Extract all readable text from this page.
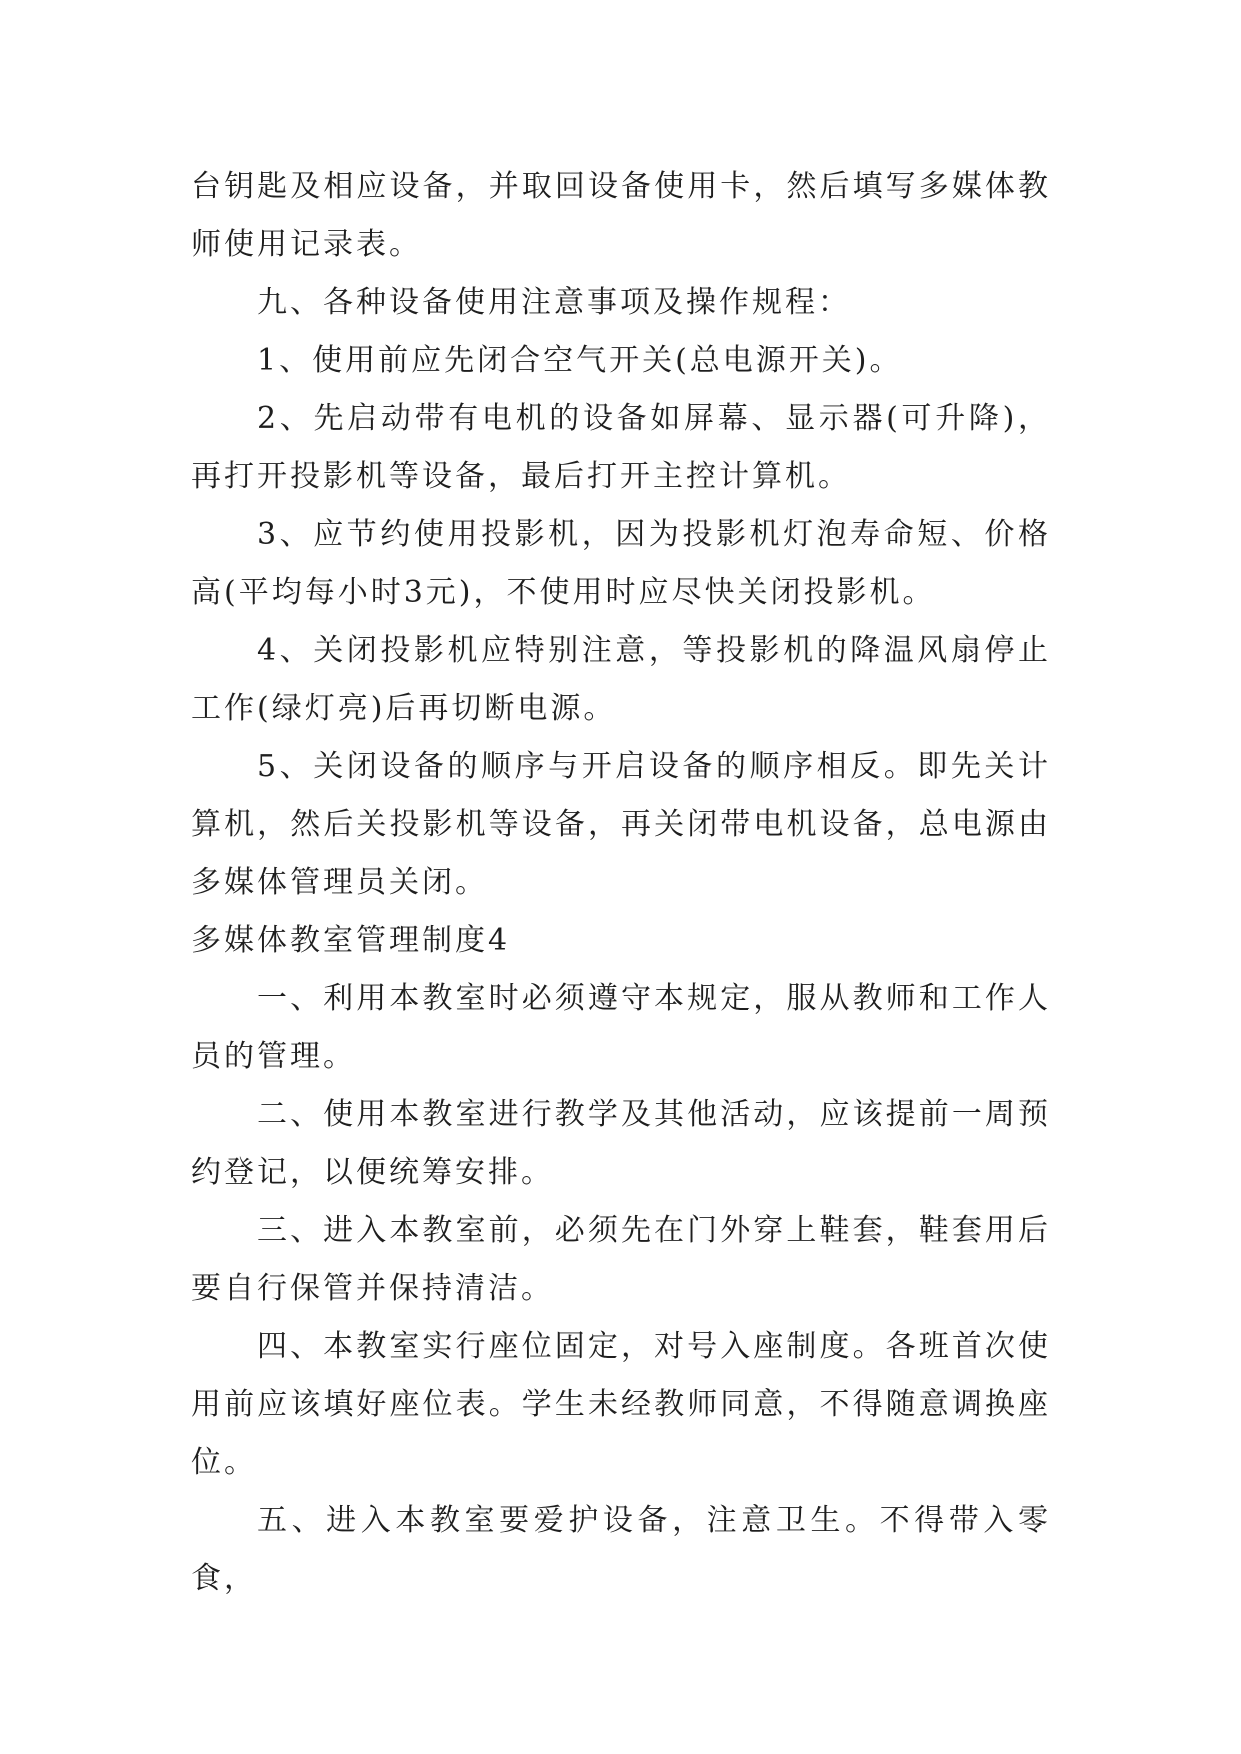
台钥匙及相应设备，并取回设备使用卡，然后填写多媒体教师使用记录表。

九、各种设备使用注意事项及操作规程：

1、使用前应先闭合空气开关(总电源开关)。

2、先启动带有电机的设备如屏幕、显示器(可升降)，再打开投影机等设备，最后打开主控计算机。

3、应节约使用投影机，因为投影机灯泡寿命短、价格高(平均每小时3元)，不使用时应尽快关闭投影机。

4、关闭投影机应特别注意，等投影机的降温风扇停止工作(绿灯亮)后再切断电源。

5、关闭设备的顺序与开启设备的顺序相反。即先关计算机，然后关投影机等设备，再关闭带电机设备，总电源由多媒体管理员关闭。

多媒体教室管理制度4

一、利用本教室时必须遵守本规定，服从教师和工作人员的管理。

二、使用本教室进行教学及其他活动，应该提前一周预约登记，以便统筹安排。

三、进入本教室前，必须先在门外穿上鞋套，鞋套用后要自行保管并保持清洁。

四、本教室实行座位固定，对号入座制度。各班首次使用前应该填好座位表。学生未经教师同意，不得随意调换座位。

五、进入本教室要爱护设备，注意卫生。不得带入零食，
